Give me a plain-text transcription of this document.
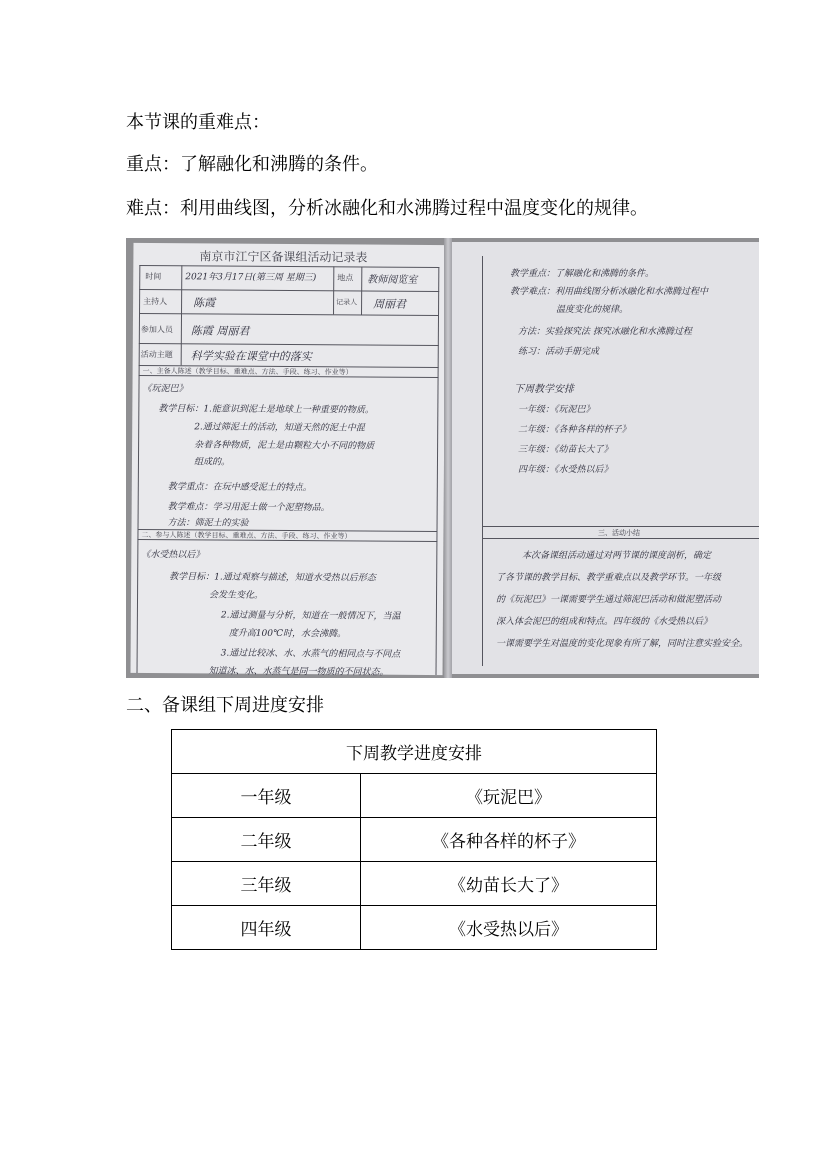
本节课的重难点：
重点：了解融化和沸腾的条件。
难点：利用曲线图，分析冰融化和水沸腾过程中温度变化的规律。
南京市江宁区备课组活动记录表
时间	2021年3月17日(第三周 星期三)	地点 教师阅览室
主持人 陈霞	记录人 周丽君
参加人员 陈霞 周丽君
活动主题 科学实验在课堂中的落实
一、主备人陈述（教学目标、重难点、方法、手段、练习、作业等）
《玩泥巴》
教学目标：1.能意识到泥土是地球上一种重要的物质。
2.通过筛泥土的活动，知道天然的泥土中混
杂着各种物质，泥土是由颗粒大小不同的物质
组成的。
教学重点：在玩中感受泥土的特点。
教学难点：学习用泥土做一个泥塑物品。
方法：筛泥土的实验
二、参与人陈述（教学目标、重难点、方法、手段、练习、作业等）
《水受热以后》
教学目标：1.通过观察与描述，知道水受热以后形态
会发生变化。
2.通过测量与分析，知道在一般情况下，当温
度升高100℃时，水会沸腾。
3.通过比较冰、水、水蒸气的相同点与不同点
知道冰、水、水蒸气是同一物质的不同状态。
教学重点：了解融化和沸腾的条件。
教学难点：利用曲线图分析冰融化和水沸腾过程中
温度变化的规律。
方法：实验探究法 探究冰融化和水沸腾过程
练习：活动手册完成
下周教学安排
一年级：《玩泥巴》
二年级：《各种各样的杯子》
三年级：《幼苗长大了》
四年级：《水受热以后》
三、活动小结
本次备课组活动通过对两节课的课度剖析，确定
了各节课的教学目标、教学重难点以及教学环节。一年级
的《玩泥巴》一课需要学生通过筛泥巴活动和做泥塑活动
深入体会泥巴的组成和特点。四年级的《水受热以后》
一课需要学生对温度的变化现象有所了解，同时注意实验安全。
二、备课组下周进度安排
下周教学进度安排	
一年级	《玩泥巴》
二年级	《各种各样的杯子》
三年级	《幼苗长大了》
四年级	《水受热以后》
